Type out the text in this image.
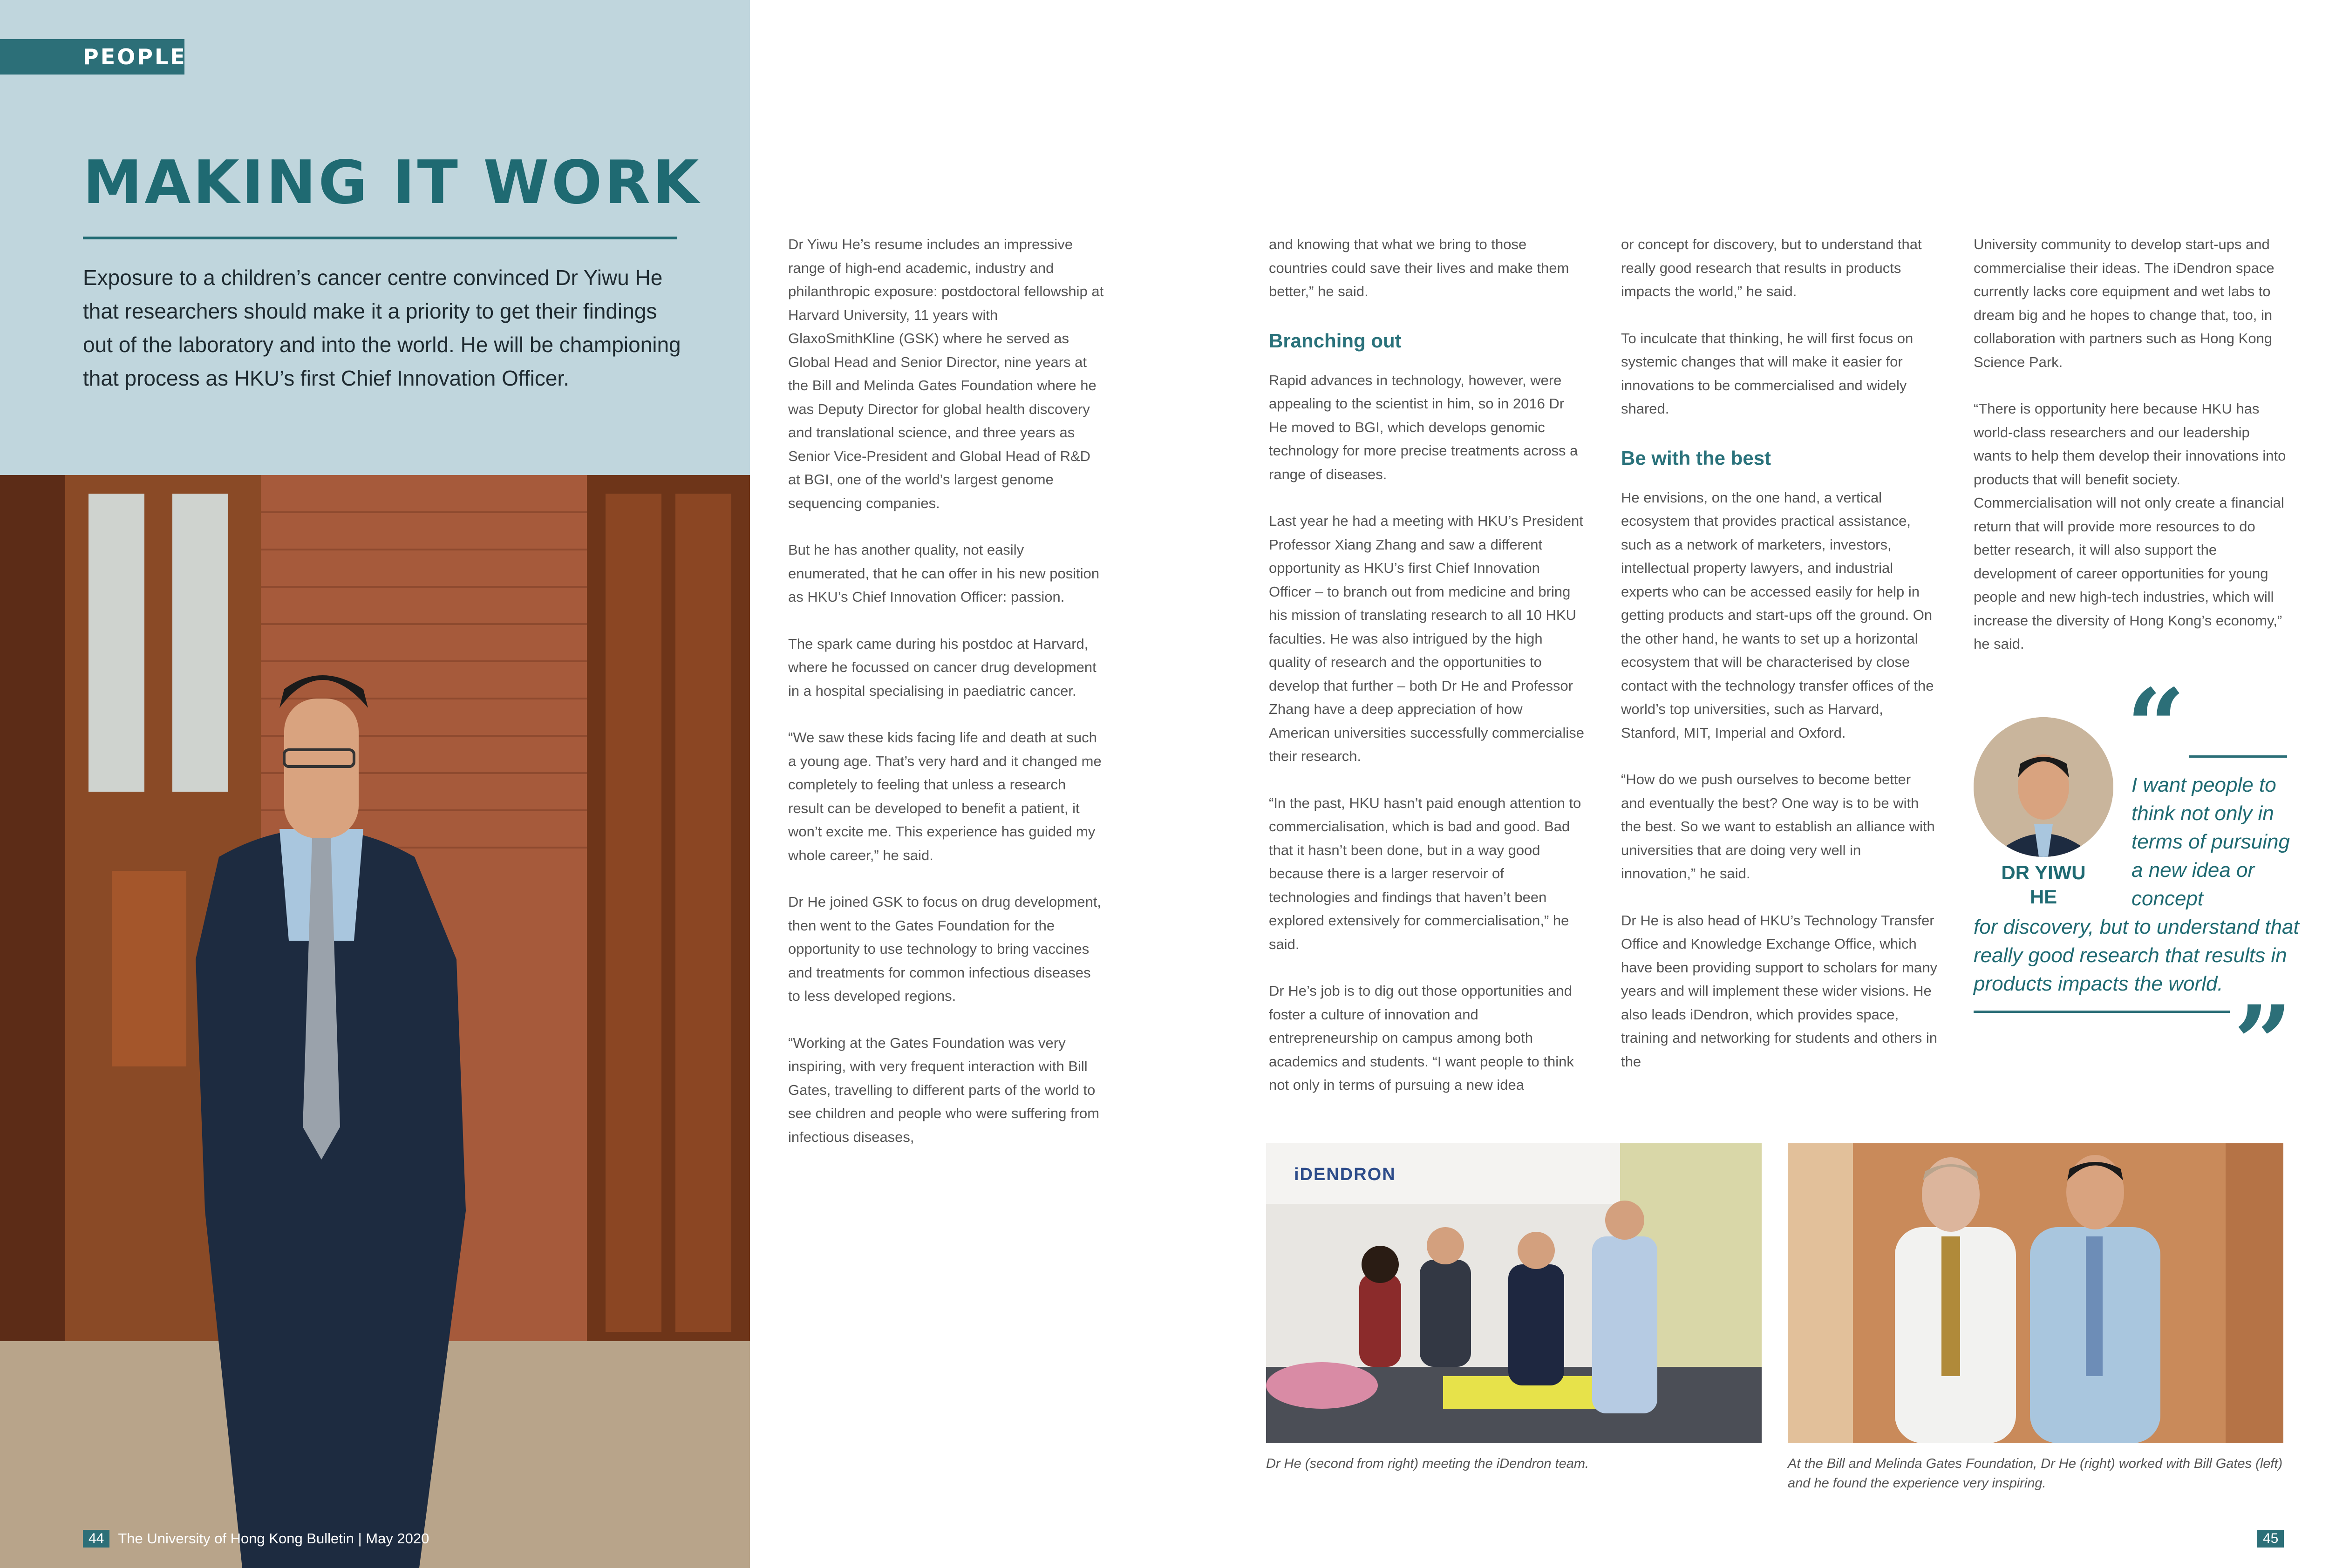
PEOPLE
MAKING IT WORK
Exposure to a children’s cancer centre convinced Dr Yiwu He that researchers should make it a priority to get their findings out of the laboratory and into the world. He will be championing that process as HKU’s first Chief Innovation Officer.
44 The University of Hong Kong Bulletin | May 2020

Dr Yiwu He’s resume includes an impressive range of high-end academic, industry and philanthropic exposure: postdoctoral fellowship at Harvard University, 11 years with GlaxoSmithKline (GSK) where he served as Global Head and Senior Director, nine years at the Bill and Melinda Gates Foundation where he was Deputy Director for global health discovery and translational science, and three years as Senior Vice-President and Global Head of R&D at BGI, one of the world’s largest genome sequencing companies.

But he has another quality, not easily enumerated, that he can offer in his new position as HKU’s Chief Innovation Officer: passion.

The spark came during his postdoc at Harvard, where he focussed on cancer drug development in a hospital specialising in paediatric cancer.

“We saw these kids facing life and death at such a young age. That’s very hard and it changed me completely to feeling that unless a research result can be developed to benefit a patient, it won’t excite me. This experience has guided my whole career,” he said.

Dr He joined GSK to focus on drug development, then went to the Gates Foundation for the opportunity to use technology to bring vaccines and treatments for common infectious diseases to less developed regions.

“Working at the Gates Foundation was very inspiring, with very frequent interaction with Bill Gates, travelling to different parts of the world to see children and people who were suffering from infectious diseases,

and knowing that what we bring to those countries could save their lives and make them better,” he said.

Branching out

Rapid advances in technology, however, were appealing to the scientist in him, so in 2016 Dr He moved to BGI, which develops genomic technology for more precise treatments across a range of diseases.

Last year he had a meeting with HKU’s President Professor Xiang Zhang and saw a different opportunity as HKU’s first Chief Innovation Officer – to branch out from medicine and bring his mission of translating research to all 10 HKU faculties. He was also intrigued by the high quality of research and the opportunities to develop that further – both Dr He and Professor Zhang have a deep appreciation of how American universities successfully commercialise their research.

“In the past, HKU hasn’t paid enough attention to commercialisation, which is bad and good. Bad that it hasn’t been done, but in a way good because there is a larger reservoir of technologies and findings that haven’t been explored extensively for commercialisation,” he said.

Dr He’s job is to dig out those opportunities and foster a culture of innovation and entrepreneurship on campus among both academics and students. “I want people to think not only in terms of pursuing a new idea

or concept for discovery, but to understand that really good research that results in products impacts the world,” he said.

To inculcate that thinking, he will first focus on systemic changes that will make it easier for innovations to be commercialised and widely shared.

Be with the best

He envisions, on the one hand, a vertical ecosystem that provides practical assistance, such as a network of marketers, investors, intellectual property lawyers, and industrial experts who can be accessed easily for help in getting products and start-ups off the ground. On the other hand, he wants to set up a horizontal ecosystem that will be characterised by close contact with the technology transfer offices of the world’s top universities, such as Harvard, Stanford, MIT, Imperial and Oxford.

“How do we push ourselves to become better and eventually the best? One way is to be with the best. So we want to establish an alliance with universities that are doing very well in innovation,” he said.

Dr He is also head of HKU’s Technology Transfer Office and Knowledge Exchange Office, which have been providing support to scholars for many years and will implement these wider visions. He also leads iDendron, which provides space, training and networking for students and others in the

University community to develop start-ups and commercialise their ideas. The iDendron space currently lacks core equipment and wet labs to dream big and he hopes to change that, too, in collaboration with partners such as Hong Kong Science Park.

“There is opportunity here because HKU has world-class researchers and our leadership wants to help them develop their innovations into products that will benefit society. Commercialisation will not only create a financial return that will provide more resources to do better research, it will also support the development of career opportunities for young people and new high-tech industries, which will increase the diversity of Hong Kong’s economy,” he said.

DR YIWU
HE
“
I want people to think not only in terms of pursuing a new idea or concept
for discovery, but to understand that really good research that results in products impacts the world. ”
iDENDRON
Dr He (second from right) meeting the iDendron team.	At the Bill and Melinda Gates Foundation, Dr He (right) worked with Bill Gates (left) and he found the experience very inspiring.
45
